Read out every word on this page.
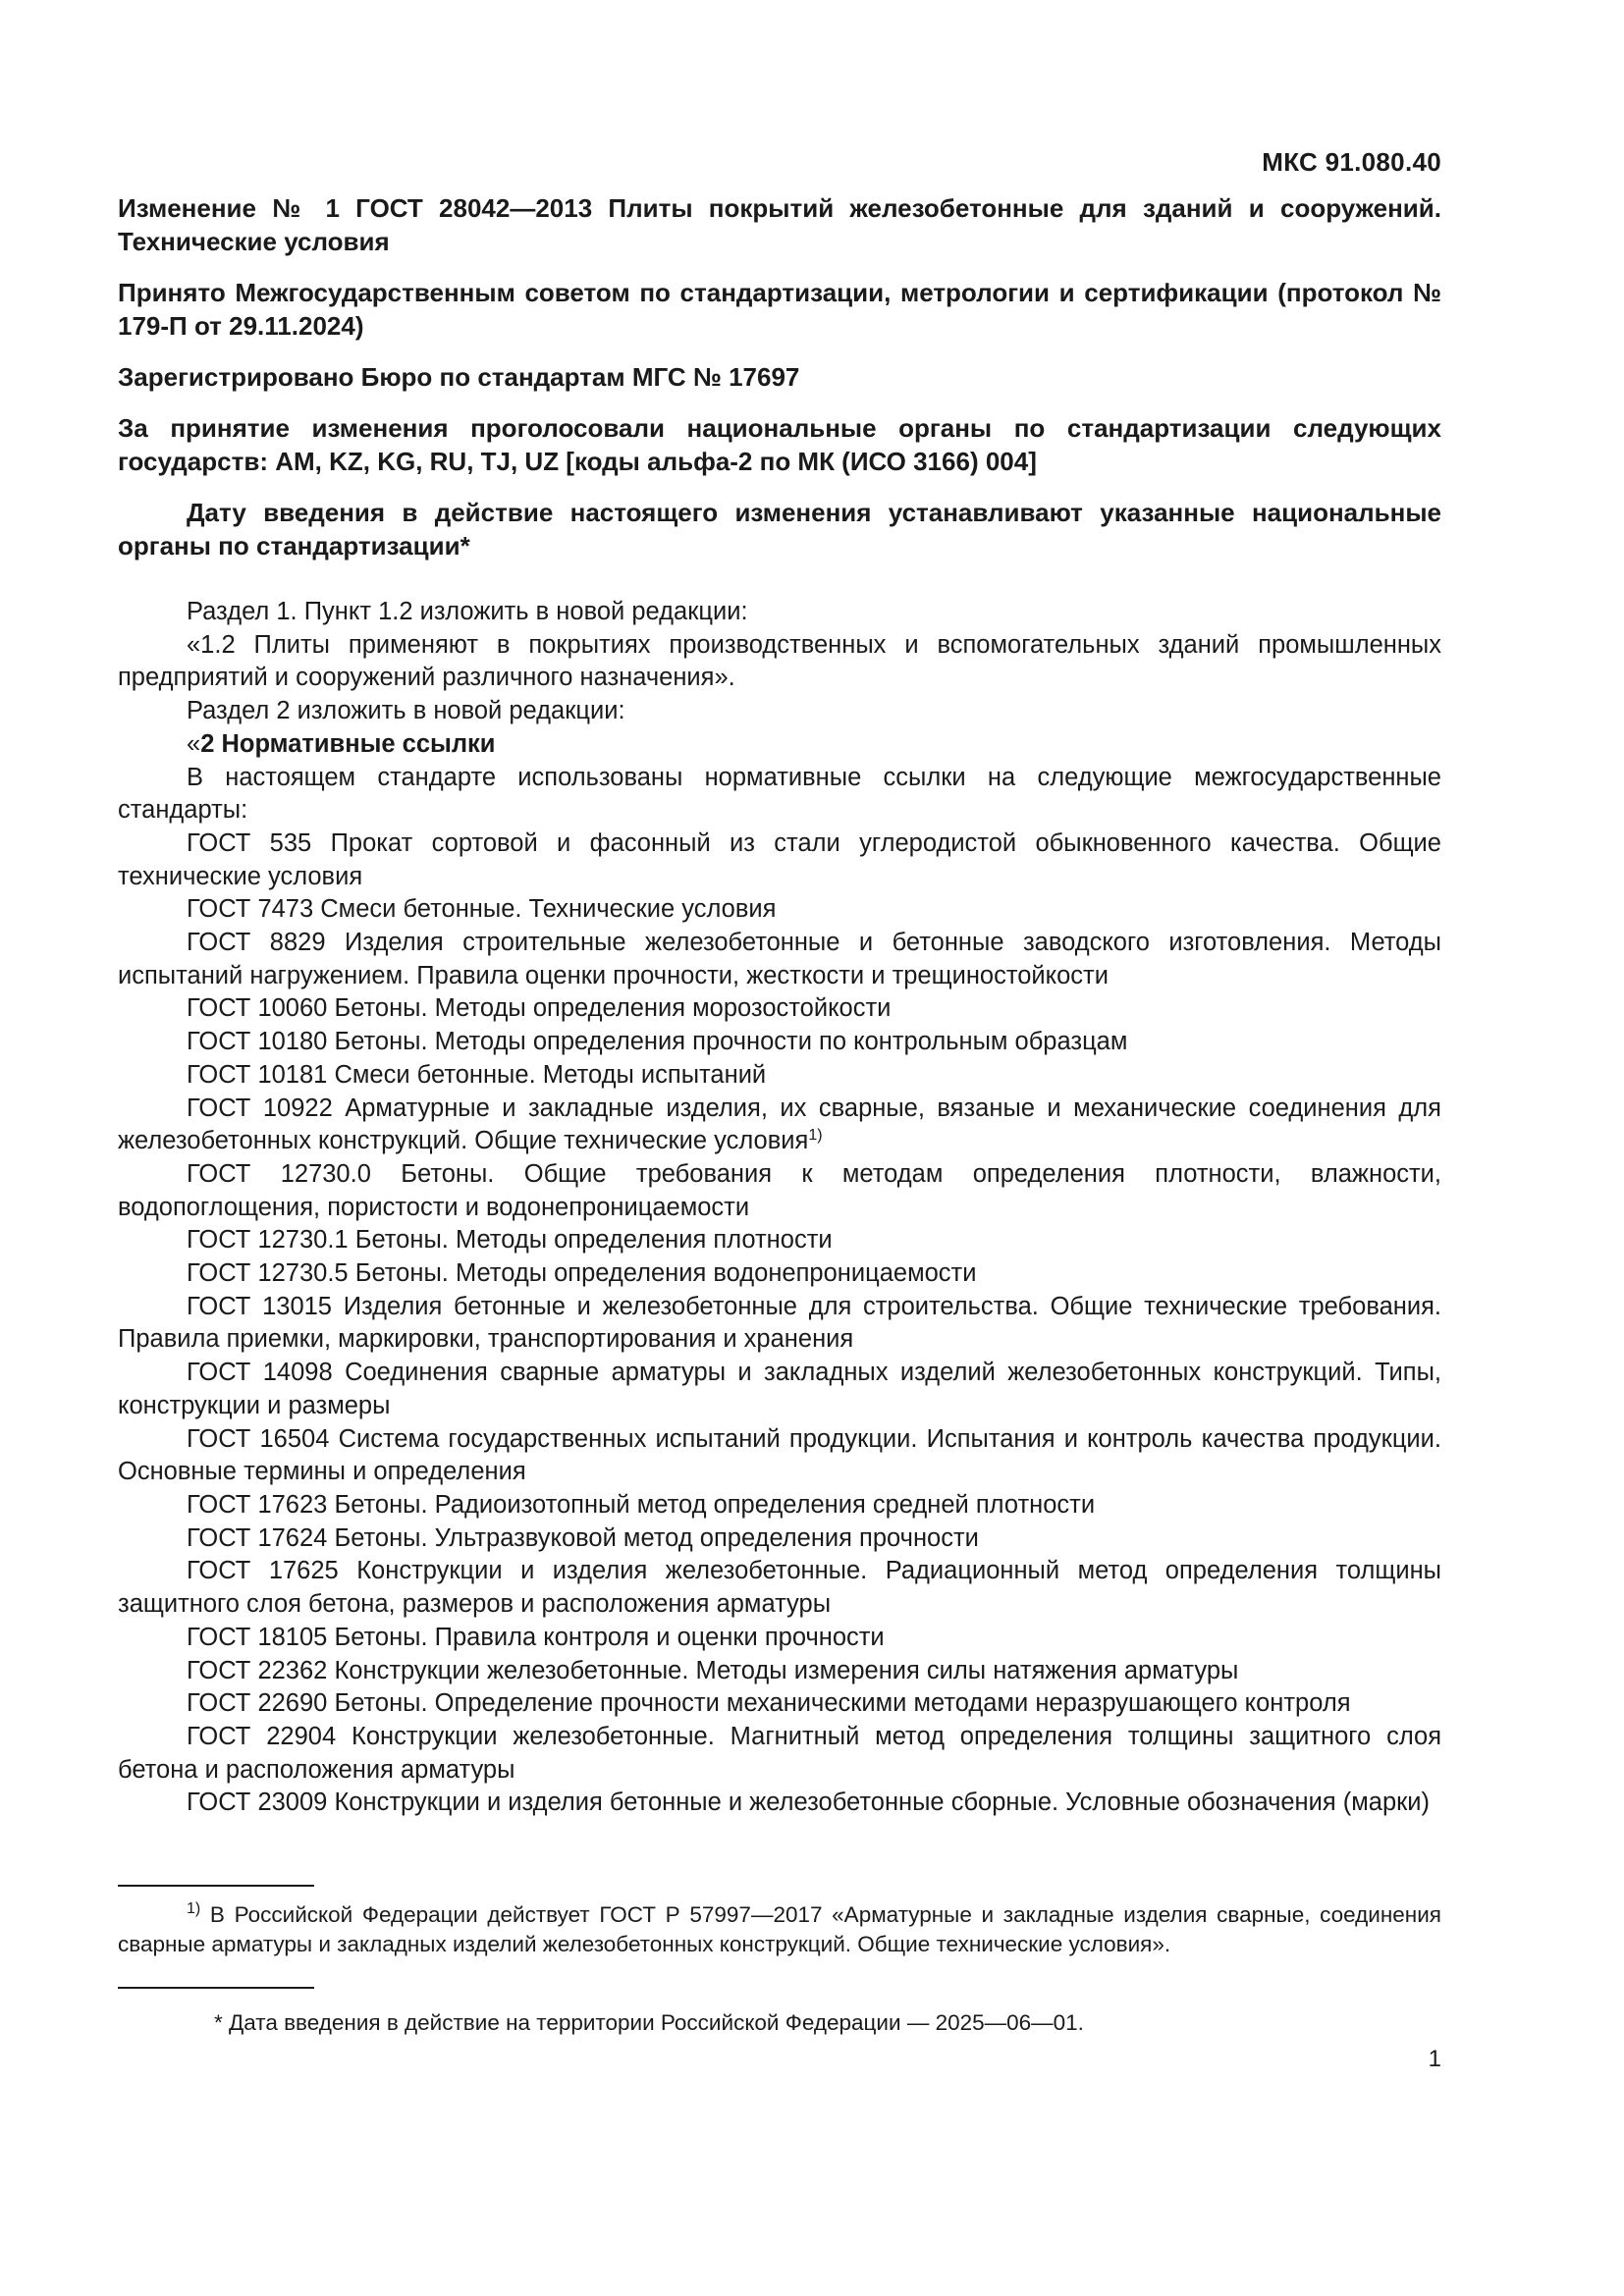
МКС 91.080.40

Изменение № 1 ГОСТ 28042—2013 Плиты покрытий железобетонные для зданий и сооружений. Технические условия

Принято Межгосударственным советом по стандартизации, метрологии и сертификации (протокол № 179-П от 29.11.2024)

Зарегистрировано Бюро по стандартам МГС № 17697

За принятие изменения проголосовали национальные органы по стандартизации следующих государств: AM, KZ, KG, RU, TJ, UZ [коды альфа-2 по МК (ИСО 3166) 004]

Дату введения в действие настоящего изменения устанавливают указанные национальные органы по стандартизации*

Раздел 1. Пункт 1.2 изложить в новой редакции:

«1.2 Плиты применяют в покрытиях производственных и вспомогательных зданий промышленных предприятий и сооружений различного назначения».

Раздел 2 изложить в новой редакции:

«2 Нормативные ссылки

В настоящем стандарте использованы нормативные ссылки на следующие межгосударственные стандарты:

ГОСТ 535 Прокат сортовой и фасонный из стали углеродистой обыкновенного качества. Общие технические условия

ГОСТ 7473 Смеси бетонные. Технические условия

ГОСТ 8829 Изделия строительные железобетонные и бетонные заводского изготовления. Методы испытаний нагружением. Правила оценки прочности, жесткости и трещиностойкости

ГОСТ 10060 Бетоны. Методы определения морозостойкости

ГОСТ 10180 Бетоны. Методы определения прочности по контрольным образцам

ГОСТ 10181 Смеси бетонные. Методы испытаний

ГОСТ 10922 Арматурные и закладные изделия, их сварные, вязаные и механические соединения для железобетонных конструкций. Общие технические условия$^{1)}$

ГОСТ 12730.0 Бетоны. Общие требования к методам определения плотности, влажности, водопоглощения, пористости и водонепроницаемости

ГОСТ 12730.1 Бетоны. Методы определения плотности

ГОСТ 12730.5 Бетоны. Методы определения водонепроницаемости

ГОСТ 13015 Изделия бетонные и железобетонные для строительства. Общие технические требования. Правила приемки, маркировки, транспортирования и хранения

ГОСТ 14098 Соединения сварные арматуры и закладных изделий железобетонных конструкций. Типы, конструкции и размеры

ГОСТ 16504 Система государственных испытаний продукции. Испытания и контроль качества продукции. Основные термины и определения

ГОСТ 17623 Бетоны. Радиоизотопный метод определения средней плотности

ГОСТ 17624 Бетоны. Ультразвуковой метод определения прочности

ГОСТ 17625 Конструкции и изделия железобетонные. Радиационный метод определения толщины защитного слоя бетона, размеров и расположения арматуры

ГОСТ 18105 Бетоны. Правила контроля и оценки прочности

ГОСТ 22362 Конструкции железобетонные. Методы измерения силы натяжения арматуры

ГОСТ 22690 Бетоны. Определение прочности механическими методами неразрушающего контроля

ГОСТ 22904 Конструкции железобетонные. Магнитный метод определения толщины защитного слоя бетона и расположения арматуры

ГОСТ 23009 Конструкции и изделия бетонные и железобетонные сборные. Условные обозначения (марки)

$^{1)}$ В Российской Федерации действует ГОСТ Р 57997—2017 «Арматурные и закладные изделия сварные, соединения сварные арматуры и закладных изделий железобетонных конструкций. Общие технические условия».

* Дата введения в действие на территории Российской Федерации — 2025—06—01.

1
